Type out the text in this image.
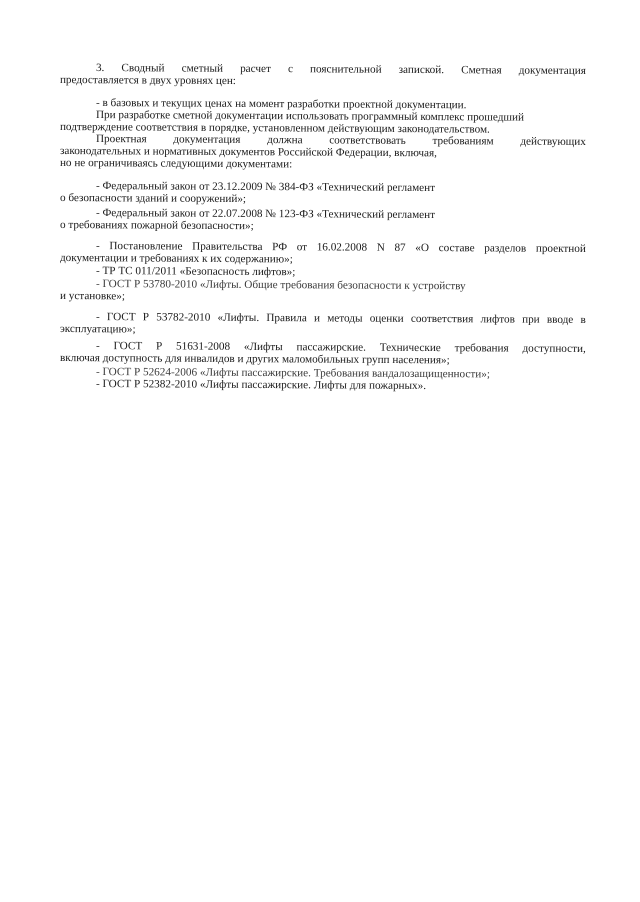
3. Сводный сметный расчет с пояснительной запиской. Сметная документация
предоставляется в двух уровнях цен:
- в базовых и текущих ценах на момент разработки проектной документации.
При разработке сметной документации использовать программный комплекс прошедший
подтверждение соответствия в порядке, установленном действующим законодательством.
Проектная документация должна соответствовать требованиям действующих
законодательных и нормативных документов Российской Федерации, включая,
но не ограничиваясь следующими документами:
- Федеральный закон от 23.12.2009 № 384-ФЗ «Технический регламент
о безопасности зданий и сооружений»;
- Федеральный закон от 22.07.2008 № 123-ФЗ «Технический регламент
о требованиях пожарной безопасности»;
- Постановление Правительства РФ от 16.02.2008 N 87 «О составе разделов проектной
документации и требованиях к их содержанию»;
- ТР ТС 011/2011 «Безопасность лифтов»;
- ГОСТ Р 53780-2010 «Лифты. Общие требования безопасности к устройству
и установке»;
- ГОСТ Р 53782-2010 «Лифты. Правила и методы оценки соответствия лифтов при вводе в
эксплуатацию»;
- ГОСТ Р 51631-2008 «Лифты пассажирские. Технические требования доступности,
включая доступность для инвалидов и других маломобильных групп населения»;
- ГОСТ Р 52624-2006 «Лифты пассажирские. Требования вандалозащищенности»;
- ГОСТ Р 52382-2010 «Лифты пассажирские. Лифты для пожарных».
